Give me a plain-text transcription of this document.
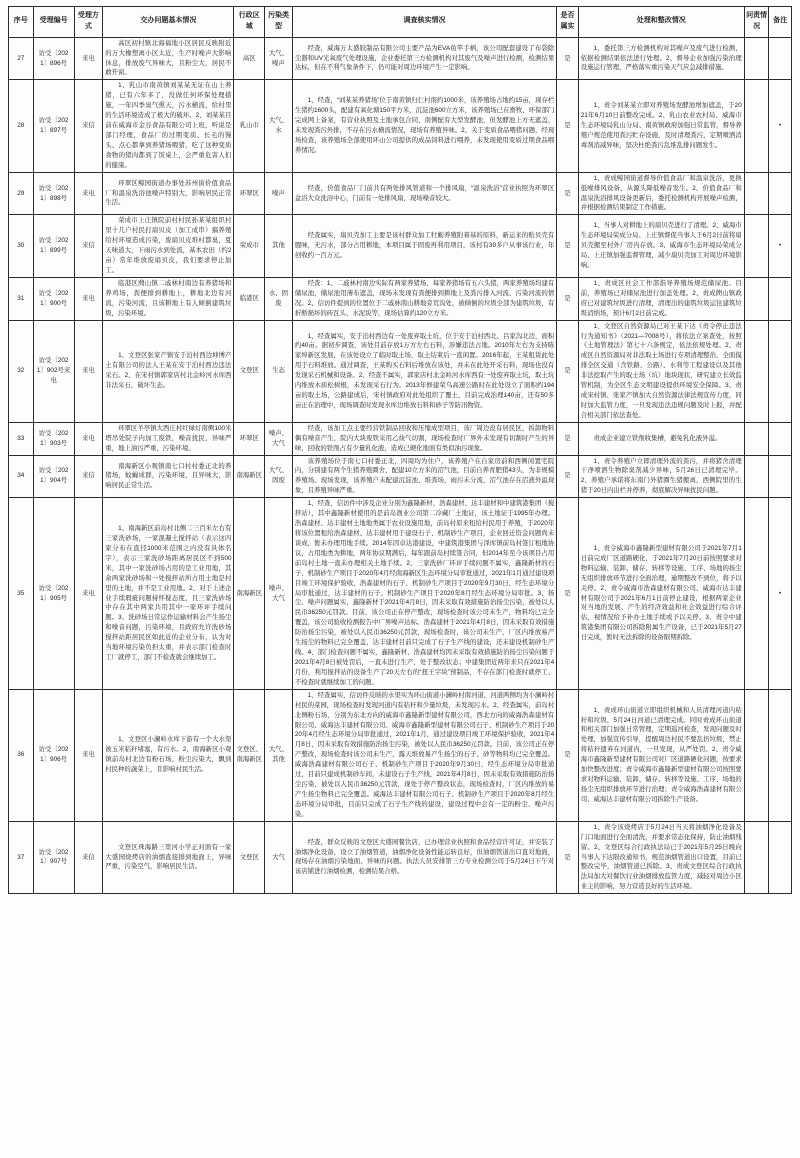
序号	受理编号	受理方式	交办问题基本情况	行政区域	污染类型	调查核实情况	是否属实	处理和整改情况	问责情况	备注
27	访受〔2021〕896号	来电	高区初村镇北海福地小区居民反映附近的万大橡塑离小区太近，生产时噪声大影响休息，排放废气异味大，且粉尘大，居民不敢开窗。	高区	大气、噪声	经查，威海万太盛胶制品有限公司主要产品为EVA鱼竿手柄，该公司配套建设了布袋除尘器和UV光氧废气处理设施，企业委托第三方检测机构对其废气及噪声进行检测，检测结果达标，但在不利气象条件下，仍可能对周边环境产生一定影响。	是	1、委托第三方检测机构对其噪声及废气进行检测，依据检测结果依法进行处理。2、督导企业加强污染治理设施运行管理，严格落实重污染天气应急减排措施。		
28	访受〔2021〕897号	来信	1、乳山市南黄镇刘某某无证在山上养猪，已有六年多了，没做任何环保处理措施，一年四季臭气熏天，污水横流，给村里的生活环境造成了极大的破坏。2、刘某某目前在威海市金谷食品有限公司上班，听说是部门经理，食品厂的过期变质、长毛的馒头、点心都拿到养猪场喂猪，吃了这种变质食物的猪肉都到了饭桌上，会严重危害人们的健康。	乳山市	大气、水	1、经查，“刘某某养猪场”位于南黄镇归仁村南约1000米，该养殖场占地约15亩，现存栏生猪约1600头，配建有氧化塘150平方米，沉淀池600立方米，该养殖场已在畜牧、环保部门完成网上备案，有营业执照及土地承包合同，南侧配有大型发酵池，但发酵池上方无遮盖，未发现粪污外排，不存在污水横流情况，现场有养殖异味。2、关于变质食品喂猪问题，经现场检查，该养殖场全部使用环山公司提供的成品饲料进行喂养，未发现使用变质过期食品喂养情况。	是	1、责令刘某某立即对养殖场发酵池增加遮盖，于2021年6月10日前整改完成。2、乳山农业农村局、威海市生态环境局乳山分局、南黄镇政府加强日常监管，督导养殖户规范使用粪污贮存设施，及时清理粪污，定期喷洒消毒剂消减异味，坚决杜绝粪污乱堆乱排问题发生。		•
29	访受〔2021〕898号	来电	环翠区鲸园街道办事处苏州街价值食品厂和温泉洗浴池噪声特别大，影响居民正常生活。	环翠区	噪声	经查，价值食品厂门前共有两处排风管道和一个排风扇，“温泉洗浴”营业执照为环翠区盆浴大众洗浴中心，门前有一处排风扇，现场噪音较大。	是	1、责成鲸园街道督导价值食品厂和温泉洗浴，更换低噪排风设备，从源头降低噪音发生。2、价值食品厂和温泉洗浴排风设备更新后，委托检测机构开展噪声检测，并根据检测结果制定工作措施。		
30	访受〔2021〕899号	来信	荣成市上庄镇院前村村民孙某某组织村里十几户村民打扇贝皮（加工成串）搞养殖给村环境造成污染，废扇贝皮堆村都臭，夏天味道大，下雨污水到处流，基本农田（约2亩）常年堆放废扇贝皮，我们要求停止加工。	荣成市	其他	经查属实，扇贝壳加工主要是该村群众加工牡蛎养殖附着基的原料，新运来的贻贝壳有腥味，无污水，部分占用耕地，本项目属于固废再利用项目，该村有30多户从事该行业，年创收约一百万元。	是	1、当事人对耕地上的扇贝壳进行了清理。2、威海市生态环境局荣成分局、上庄镇督促当事人于6月2日前将扇贝壳搬至村外厂房内存放。3、威海市生态环境局荣成分局、上庄镇加强监督管理，减少扇贝壳加工对周边环境影响。		•
31	访受〔2021〕900号	来电	临港区蔄山镇二戚林村南边有养猪场和养鸡场，粪便排到耕地上，耕地北边有河流，污染河流，且该耕地上有人倾倒建筑垃圾，污染环境。	临港区	水、固废	经查：1、二戚林村南边实际有两家养猪场，每家养猪场有五六头猪，两家养殖场均建有储尿池，储尿池用薄布遮盖，现场未发现有粪便排到耕地上及粪污排入河流、污染河流的情况。2、信访件提到的位置位于二戚林南山耕地旁荒沟处，被倾倒的垃圾全部为建筑垃圾，有折断损坏的砖瓦头、水泥块等，现场估算约120立方米。	是	1、责成区社会工作部指导养殖场规范储尿池。目前，养殖场已对储尿池进行加盖处理。2、责成蔄山镇政府已对建筑垃圾进行清理，清理出的建筑垃圾运往建筑垃圾消纳场，预计6月2日前完成。		
32	访受〔2021〕902号来电	来电	1、文登区张家产镇安于泊村西边坤博产土有限公司的法人王某在安于泊村西边违法采石。2、在宋村镇郭家店村北金岭河水库西非法采石，破坏生态。	文登区	生态	1、经查属实，安于泊村西边有一处废弃取土坑，位于安于泊村西北、吕家沟北边，面积约40亩。据初步调查，该处目前存放1万方左右石料，涉嫌违法占地。2010年左右为支持陈家埠新区发展，在该处设立了临时取土场，取土结束后一直闲置。2016年起，王某租赁此处用于石料堆放。通过调查，王某购买石料后堆放在该处，并未在此处开采石料，现场也没有发现采石机械和设备。2、经查不属实，郭家店村北金岭河水库西有一处废弃取土坑，取土坑内堆放木质松树根，未发现采石行为。2013年修建荣乌高速公路时在此处设立了面积约194亩的取土场，公路建成后，宋村镇政府对此处组织了覆土，目前完成治理140亩，还有50多亩正在治理中，现场调查时发现水库边堆放石料和砂子等防汛物资。	是	1、文登区自然资源局已对王某下达《责令停止违法行为通知书》（2021—7008号），将依法立案查处，按照《土地管理法》第七十六条规定，依法依规处理。2、责成区自然资源局对非法取土场进行专项清理整治，全面摸排全区交通（含铁路、公路）、水利等工程建设以及其他非法挖取产生的取土场（坑）地块现状，研究建立长效监管机制，为全区生态文明建设提供环境安全保障。3、责成宋村镇、张家产镇加大自然资源法律法规宣传力度，同时加大监管力度，一旦发现违法违规问题及时上报，并配合相关部门依法查处。		
33	访受〔2021〕903号	来电	环翠区羊亭镇大西庄村红绿灯南侧100米塔吊处院子内加工废铁，噪音扰民，异味严重，地上油污严重，污染环境。	环翠区	噪声、大气	经查，该加工点主要经营铁制品回收和压缩成型项目，该厂周边没有居民区，拆卸物料偶有噪音产生，院内大块废铁采用乙炔气切割，现场检查时厂界外未发现有切割时产生的异味，回收的铁削占有少量乳化液，造成已硬化地面有类似油污现象。	是	责成企业建立铁削收集槽，避免乳化液外溢。		
34	访受〔2021〕904号	来信	南海新区小观镇南七口村村委正北的养猪场，蚊蝇成群，污染环境，且异味大，影响居民正常生活。	南海新区	大气、固废	该养殖场位于南七口村委正北，四周均为住户，该养殖户在自家房前和西侧闲置宅院内，分别建有两个生猪养殖圈舍，配建10立方米的沼气池，目前自养育肥猪43头，为非规模养殖场。现场发现，该养殖户未配建沉淀池、堆粪场，雨污未分流，沼气池存在沼液外溢现象，且养殖异味严重。	是	1、责令养殖户立即清理外流的粪污，并将猪舍清理干净喷洒生物除臭剂减少异味，5月26日已清理完毕。2、养殖户承诺将东南门外猪圈生猪搬离，西侧院里的生猪于20日内出栏并停养，彻底解决异味扰民问题。		
35	访受〔2021〕905号	来电	1、南海新区前岛村北侧二三百米左右有三家洗砂场，一家混凝土搅拌站（表示这四家分布在直径1000米范围之内没有具体名字），表示三家洗砂场距离居民区不到500米，其中一家洗砂场占用的是工业用地，其余两家洗砂场和一处搅拌站所占用土地是村里的土地，并不是工业用地。2、对于上述企业手续瑕疵问题持怀疑态度，且三家洗砂场中存在其中两家共用其中一家环评手续问题。3、洗砂场日常运作运输材料会产生扬尘和噪音问题，污染环境，且政府允许洗砂场搅拌站距居民区如此近的企业分布，认为对当地环境污染负担太重，并表示部门检查时工厂就停工，部门不检查就会继续加工。	南海新区	噪声、大气	1、经查，信访件中涉及企业分别为鑫隆新材、浩森建材、达丰建材和中建筑港集团（搅拌站），其中鑫隆新材使用的是前岛渔业公司第二冷藏厂土地证，该土地证于1995年办理。浩森建材、达丰建材土地地类属于农业设施用地，前岛村原来租给村民用于养殖，于2020年将该位置租给浩森建材、达丰建材用于建设石子、机制砂生产项目，企业回迁资金问题尚未谈成，暂未办理用地手续。2014年因卓达港建设，中建筑港集团与泽库镇前岛村签订租地协议，占用地类为耕地，两年协议期满后，每年跟前岛村续签合同，但2014年至今该项目占用前岛村土地一直未办理相关土地手续。2、三家洗砂厂环评手续问题不属实，鑫隆新材的石子、机制砂生产项目于2020年4月经南海新区生态环境分局审批通过，2021年1月通过建设项目竣工环境保护验收，浩森建材的石子、机制砂生产项目于2020年9月30日，经生态环境分局审批通过，达丰建材的石子、机制砂生产项目于2020年8月经生态环境分局审批。3、扬尘、噪声问题属实，鑫隆新材于2021年4月8日，因未采取有效措施防治扬尘污染，被处以人民币36250元罚款。目前，该公司正在停产整改，现场检查时该公司未生产，物料均已完全覆盖，该公司验收检测报告中厂界噪声达标。浩森建材于2021年4月8日，因未采取有效措施防治扬尘污染，被处以人民币36250元罚款，现场检查时，该公司未生产，厂区内堆放易产生扬尘的物料已完全覆盖，达丰建材目前只完成了石子生产线的建设，还未建设机制砂生产线。4、部门检查问题不属实，鑫隆新材、浩森建材均因未采取有效措施防治扬尘污染问题于2021年4月8日被处罚后，一直未进行生产，处于整改状态；中建集团近两年来只在2021年4月份，利用搅拌站的设备生产了20天左右的“扭王字块”预制品，不存在部门检查时就停工、不检查时就继续加工的问题。	是	1、责令威海市鑫隆新型建材有限公司于2021年7月1日前完成厂区道路硬化，于2021年7月20日前按照要求对物料运输、装卸、储存、转移等设施、工序、场地的扬尘无组织排放环节进行全面治理，逾期整改不到位，将予以关停。2、责令威海市浩森建材有限公司、威海市达丰建材有限公司于2021年6月1日前停止建设，根据两家企业对当地的发展、产生的经济效益和社会效益进行综合评估，视情况给予补办土地手续或予以关停。3、责令中建筑港集团有限公司拆除附属生产设备，已于2021年5月27日完成，暂时无法拆除的设备限期拆除。		•
36	访受〔2021〕906号	来电	1、文登区小澜岭水库下游有一个大水渠被玉米秸秆堵塞，有污水。2、南海新区小观镇前岛村北边有粉石场，粉尘污染大，飘到村民种的蔬菜上，且影响村民生活。	文登区、南海新区	大气、其他	1、经查属实，信访件反映的水渠实为环山街道小澜岭村南河道，河道两侧均为小澜岭村村民的菜园，现场检查时发现河道内有秸秆和少量垃圾，未发现污水。2、经查属实，前岛村北侧粉石场，分别为东北方向的威海市鑫隆新型建材有限公司，西北方向的威海浩森建材有限公司、威海达丰建材有限公司。威海市鑫隆新型建材有限公司石子、机制砂生产项目于2020年4月经生态环境分局审批通过，2021年1月，通过建设项目竣工环境保护验收，2021年4月8日，因未采取有效措施防治扬尘污染，被处以人民币36250元罚款。目前，该公司正在停产整改，现场检查时该公司未生产，露天堆放易产生扬尘的石子、砂等物料均已完全覆盖。威海浩森建材有限公司石子、机制砂生产项目于2020年9月30日，经生态环境分局审批通过，目前只建成机制砂车间，未建设石子生产线，2021年4月8日，因未采取有效措施防治扬尘污染，被处以人民币36250元罚款，现处于停产整改状态，现场检查时，厂区内堆放的易产生扬尘物料已完全覆盖。威海达丰建材有限公司石子、机制砂生产项目于2020年8月经生态环境分局审批，目前只完成了石子生产线的建设，建设过程中会有一定的粉尘、噪声污染。	是	1、责成环山街道立即组织机械和人员清理河道内秸秆和垃圾，5月24日河道已清理完成。同时责成环山街道和相关部门加强日常管理，定期巡河检查，发现问题及时处理，加强宣传引导，提醒周边村民不要乱扔垃圾，禁止将秸秆遗弃在河道内，一旦发现，从严处罚。2、责令威海市鑫隆新型建材有限公司对厂区道路硬化问题，按要求加快整改进度；责令威海市鑫隆新型建材有限公司按照要求对物料运输、装卸、储存、转移等设施、工序、场地的扬尘无组织排放环节进行治理；责令威海浩森建材有限公司、威海达丰建材有限公司拆除生产设备。		
37	访受〔2021〕907号	来信	文登区珠海路三里河小学正对面有一家大盛园烧烤店的油烟直接排到地面上，异味严重，污染空气，影响居民生活。	文登区	大气	经查，群众反映的文登区大盛园餐饮店，已办理营业执照和食品经营许可证，并安装了油烟净化设备，设立了油烟管道，油烟净化设备性能运转良好，但油烟管道出口直对地面，现场存在油烟污染地面、异味的问题。执法人员安排第三方专业检测公司于5月24日下午对该店铺进行油烟检测，检测结果合格。	是	1、责令该烧烤店于5月24日当天将油烟净化设备及门口地面进行全面清洗，并要求常态化保持，防止油烟残留。2、文登区综合行政执法局已于2021年5月25日晚向当事人下达限改通知书，规范油烟管道出口设置，目前已整改完毕，油烟管道已拆除。3、责成文登区综合行政执法局加大对餐饮行业油烟排放监管力度，减轻对周边小区业主的影响，努力营造良好的生活环境。		
